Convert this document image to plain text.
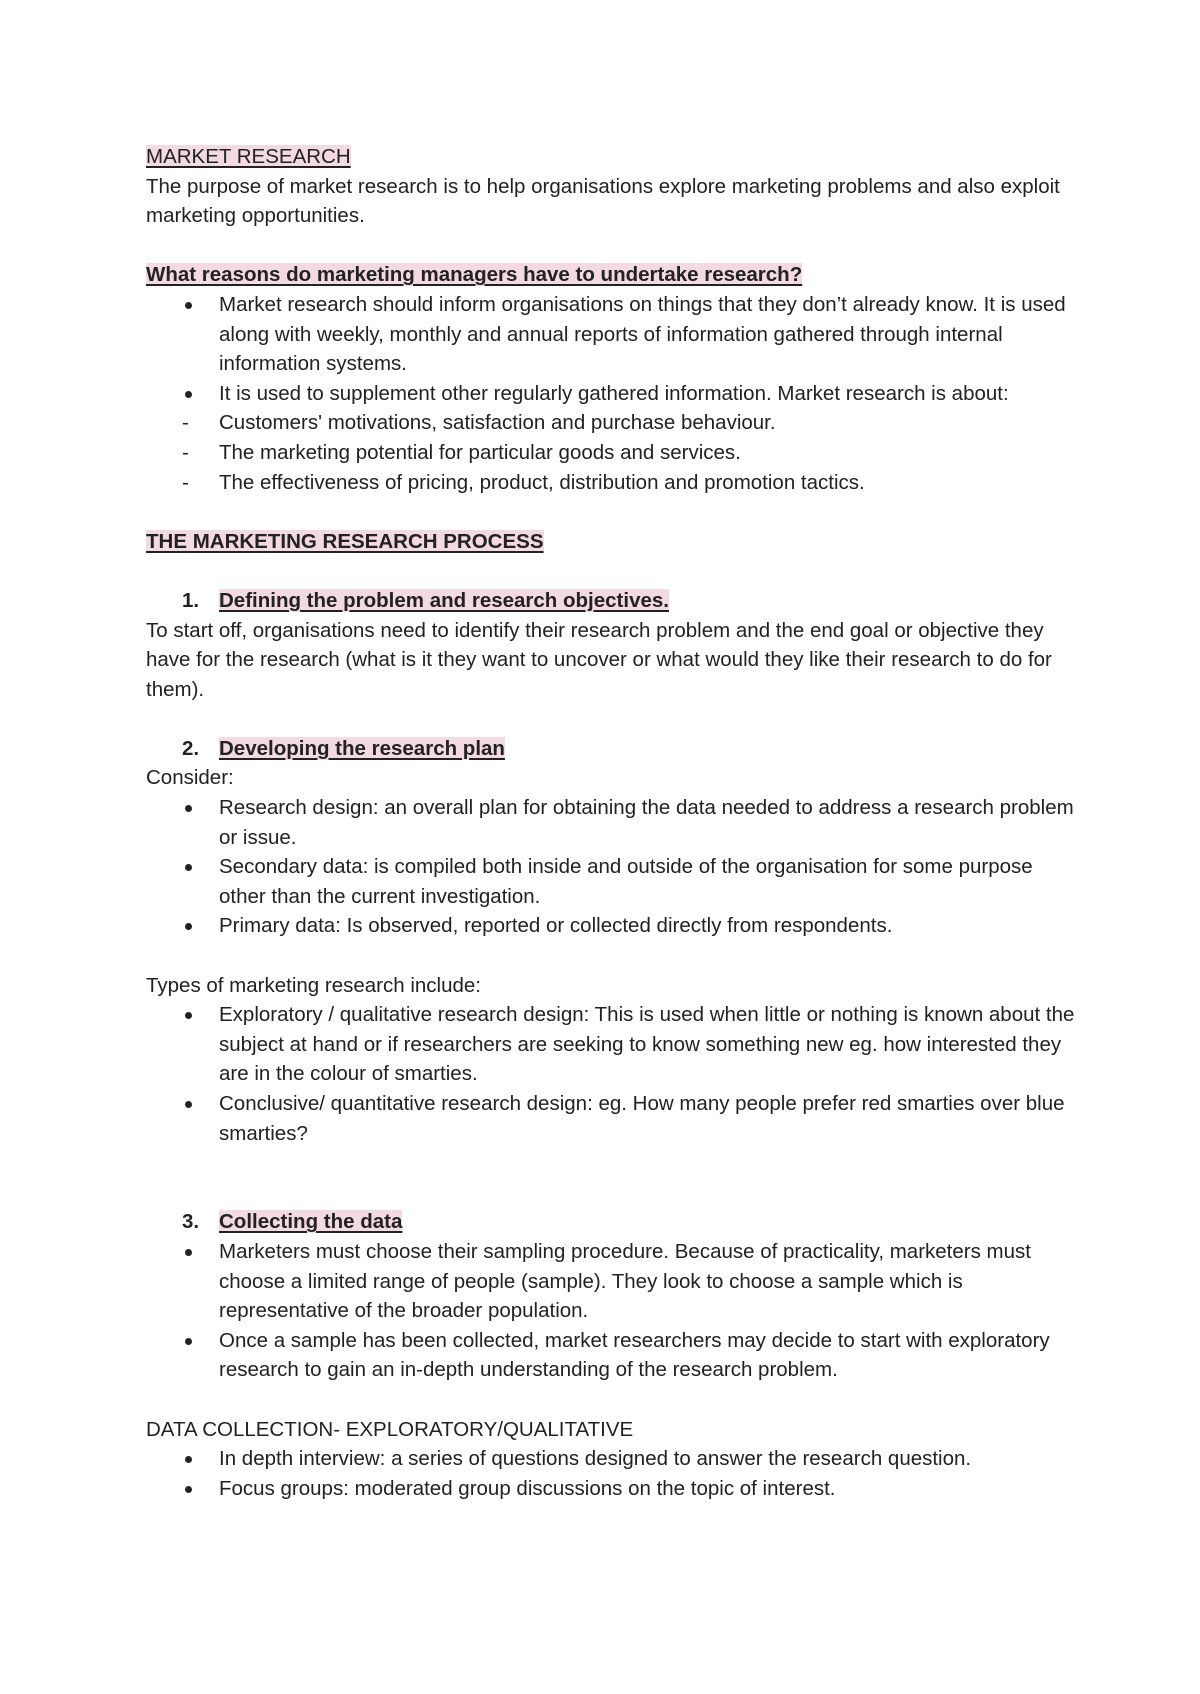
MARKET RESEARCH

The purpose of market research is to help organisations explore marketing problems and also exploit marketing opportunities.

What reasons do marketing managers have to undertake research?

Market research should inform organisations on things that they don’t already know. It is used along with weekly, monthly and annual reports of information gathered through internal information systems.
It is used to supplement other regularly gathered information. Market research is about:
- Customers' motivations, satisfaction and purchase behaviour.
- The marketing potential for particular goods and services.
- The effectiveness of pricing, product, distribution and promotion tactics.

THE MARKETING RESEARCH PROCESS

1. Defining the problem and research objectives.

To start off, organisations need to identify their research problem and the end goal or objective they have for the research (what is it they want to uncover or what would they like their research to do for them).

2. Developing the research plan

Consider:

Research design: an overall plan for obtaining the data needed to address a research problem or issue.
Secondary data: is compiled both inside and outside of the organisation for some purpose other than the current investigation.
Primary data: Is observed, reported or collected directly from respondents.

Types of marketing research include:

Exploratory / qualitative research design: This is used when little or nothing is known about the subject at hand or if researchers are seeking to know something new eg. how interested they are in the colour of smarties.
Conclusive/ quantitative research design: eg. How many people prefer red smarties over blue smarties?
3. Collecting the data
Marketers must choose their sampling procedure. Because of practicality, marketers must choose a limited range of people (sample). They look to choose a sample which is representative of the broader population.
Once a sample has been collected, market researchers may decide to start with exploratory research to gain an in-depth understanding of the research problem.

DATA COLLECTION- EXPLORATORY/QUALITATIVE

In depth interview: a series of questions designed to answer the research question.
Focus groups: moderated group discussions on the topic of interest.
